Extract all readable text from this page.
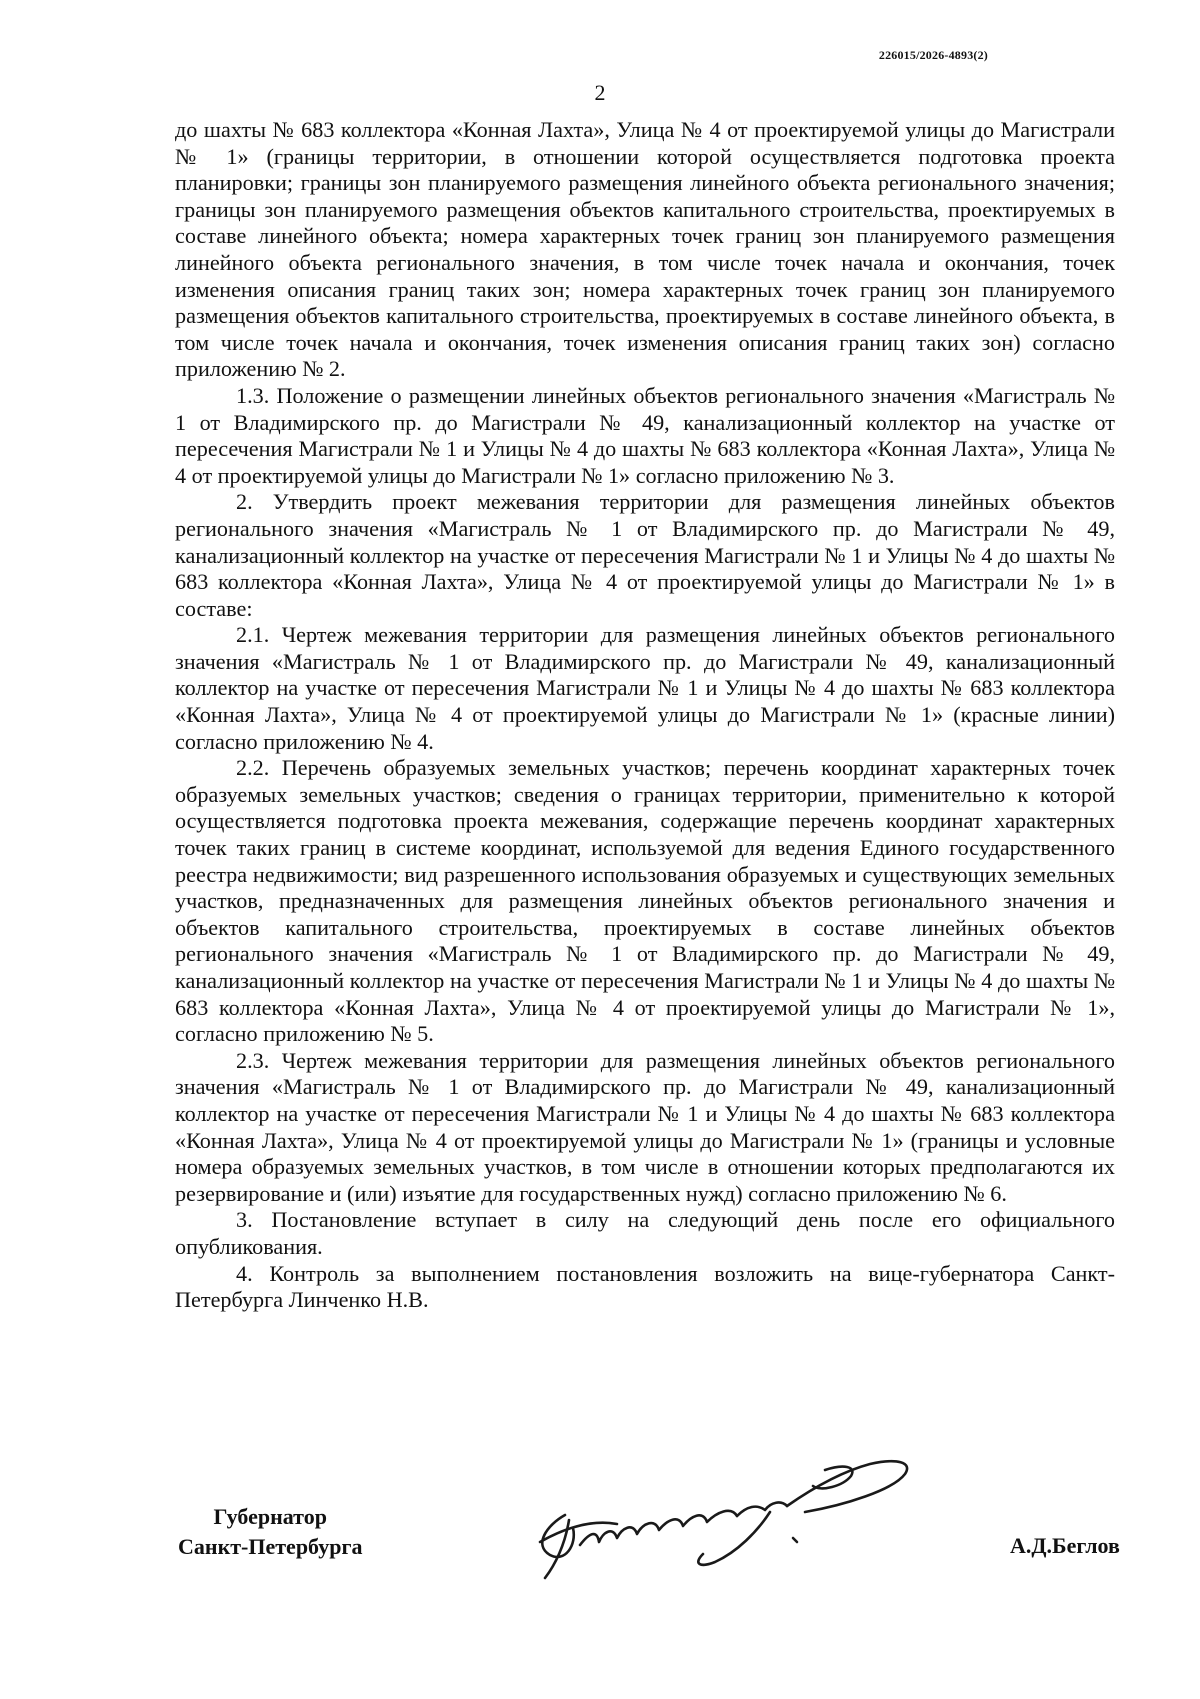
226015/2026-4893(2)
2

до шахты № 683 коллектора «Конная Лахта», Улица № 4 от проектируемой улицы до Магистрали № 1» (границы территории, в отношении которой осуществляется подготовка проекта планировки; границы зон планируемого размещения линейного объекта регионального значения; границы зон планируемого размещения объектов капитального строительства, проектируемых в составе линейного объекта; номера характерных точек границ зон планируемого размещения линейного объекта регионального значения, в том числе точек начала и окончания, точек изменения описания границ таких зон; номера характерных точек границ зон планируемого размещения объектов капитального строительства, проектируемых в составе линейного объекта, в том числе точек начала и окончания, точек изменения описания границ таких зон) согласно приложению № 2.

1.3. Положение о размещении линейных объектов регионального значения «Магистраль № 1 от Владимирского пр. до Магистрали № 49, канализационный коллектор на участке от пересечения Магистрали № 1 и Улицы № 4 до шахты № 683 коллектора «Конная Лахта», Улица № 4 от проектируемой улицы до Магистрали № 1» согласно приложению № 3.

2. Утвердить проект межевания территории для размещения линейных объектов регионального значения «Магистраль № 1 от Владимирского пр. до Магистрали № 49, канализационный коллектор на участке от пересечения Магистрали № 1 и Улицы № 4 до шахты № 683 коллектора «Конная Лахта», Улица № 4 от проектируемой улицы до Магистрали № 1» в составе:

2.1. Чертеж межевания территории для размещения линейных объектов регионального значения «Магистраль № 1 от Владимирского пр. до Магистрали № 49, канализационный коллектор на участке от пересечения Магистрали № 1 и Улицы № 4 до шахты № 683 коллектора «Конная Лахта», Улица № 4 от проектируемой улицы до Магистрали № 1» (красные линии) согласно приложению № 4.

2.2. Перечень образуемых земельных участков; перечень координат характерных точек образуемых земельных участков; сведения о границах территории, применительно к которой осуществляется подготовка проекта межевания, содержащие перечень координат характерных точек таких границ в системе координат, используемой для ведения Единого государственного реестра недвижимости; вид разрешенного использования образуемых и существующих земельных участков, предназначенных для размещения линейных объектов регионального значения и объектов капитального строительства, проектируемых в составе линейных объектов регионального значения «Магистраль № 1 от Владимирского пр. до Магистрали № 49, канализационный коллектор на участке от пересечения Магистрали № 1 и Улицы № 4 до шахты № 683 коллектора «Конная Лахта», Улица № 4 от проектируемой улицы до Магистрали № 1», согласно приложению № 5.

2.3. Чертеж межевания территории для размещения линейных объектов регионального значения «Магистраль № 1 от Владимирского пр. до Магистрали № 49, канализационный коллектор на участке от пересечения Магистрали № 1 и Улицы № 4 до шахты № 683 коллектора «Конная Лахта», Улица № 4 от проектируемой улицы до Магистрали № 1» (границы и условные номера образуемых земельных участков, в том числе в отношении которых предполагаются их резервирование и (или) изъятие для государственных нужд) согласно приложению № 6.

3. Постановление вступает в силу на следующий день после его официального опубликования.

4. Контроль за выполнением постановления возложить на вице-губернатора Санкт-Петербурга Линченко Н.В.

Губернатор
Санкт-Петербурга	А.Д.Беглов
